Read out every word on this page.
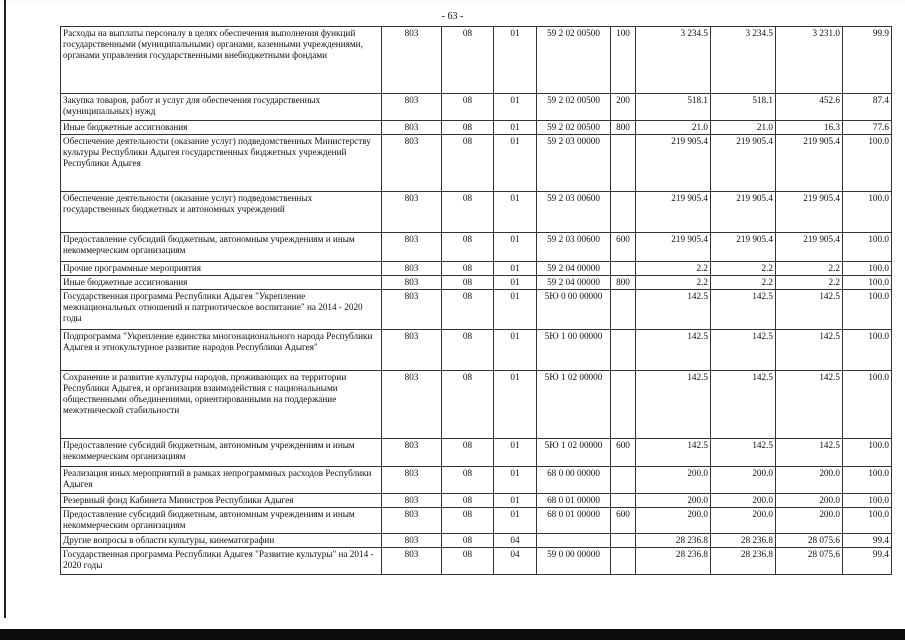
- 63 -
Расходы на выплаты персоналу в целях обеспечения выполнения функций государственными (муниципальными) органами, казенными учреждениями, органами управления государственными внебюджетными фондами	803	08	01	59 2 02 00500	100	3 234.5	3 234.5	3 231.0	99.9
Закупка товаров, работ и услуг для обеспечения государственных (муниципальных) нужд	803	08	01	59 2 02 00500	200	518.1	518.1	452.6	87.4
Иные бюджетные ассигнования	803	08	01	59 2 02 00500	800	21.0	21.0	16.3	77.6
Обеспечение деятельности (оказание услуг) подведомственных Министерству культуры Республики Адыгея государственных бюджетных учреждений Республики Адыгея	803	08	01	59 2 03 00000		219 905.4	219 905.4	219 905.4	100.0
Обеспечение деятельности (оказание услуг) подведомственных государственных бюджетных и автономных учреждений	803	08	01	59 2 03 00600		219 905.4	219 905.4	219 905.4	100.0
Предоставление субсидий бюджетным, автономным учреждениям и иным некоммерческим организациям	803	08	01	59 2 03 00600	600	219 905.4	219 905.4	219 905.4	100.0
Прочие программные мероприятия	803	08	01	59 2 04 00000		2.2	2.2	2.2	100.0
Иные бюджетные ассигнования	803	08	01	59 2 04 00000	800	2.2	2.2	2.2	100.0
Государственная программа Республики Адыгея "Укрепление межнациональных отношений и патриотическое воспитание" на 2014 - 2020 годы	803	08	01	5Ю 0 00 00000		142.5	142.5	142.5	100.0
Подпрограмма "Укрепление единства многонационального народа Республики Адыгея и этнокультурное развитие народов Республики Адыгея"	803	08	01	5Ю 1 00 00000		142.5	142.5	142.5	100.0
Сохранение и развитие культуры народов, проживающих на территории Республики Адыгея, и организация взаимодействия с национальными общественными объединениями, ориентированными на поддержание межэтнической стабильности	803	08	01	5Ю 1 02 00000		142.5	142.5	142.5	100.0
Предоставление субсидий бюджетным, автономным учреждениям и иным некоммерческим организациям	803	08	01	5Ю 1 02 00000	600	142.5	142.5	142.5	100.0
Реализация иных мероприятий в рамках непрограммных расходов Республики Адыгея	803	08	01	68 0 00 00000		200.0	200.0	200.0	100.0
Резервный фонд Кабинета Министров Республики Адыгея	803	08	01	68 0 01 00000		200.0	200.0	200.0	100.0
Предоставление субсидий бюджетным, автономным учреждениям и иным некоммерческим организациям	803	08	01	68 0 01 00000	600	200.0	200.0	200.0	100.0
Другие вопросы в области культуры, кинематографии	803	08	04			28 236.8	28 236.8	28 075.6	99.4
Государственная программа Республики Адыгея "Развитие культуры" на 2014 - 2020 годы	803	08	04	59 0 00 00000		28 236.8	28 236.8	28 075.6	99.4
